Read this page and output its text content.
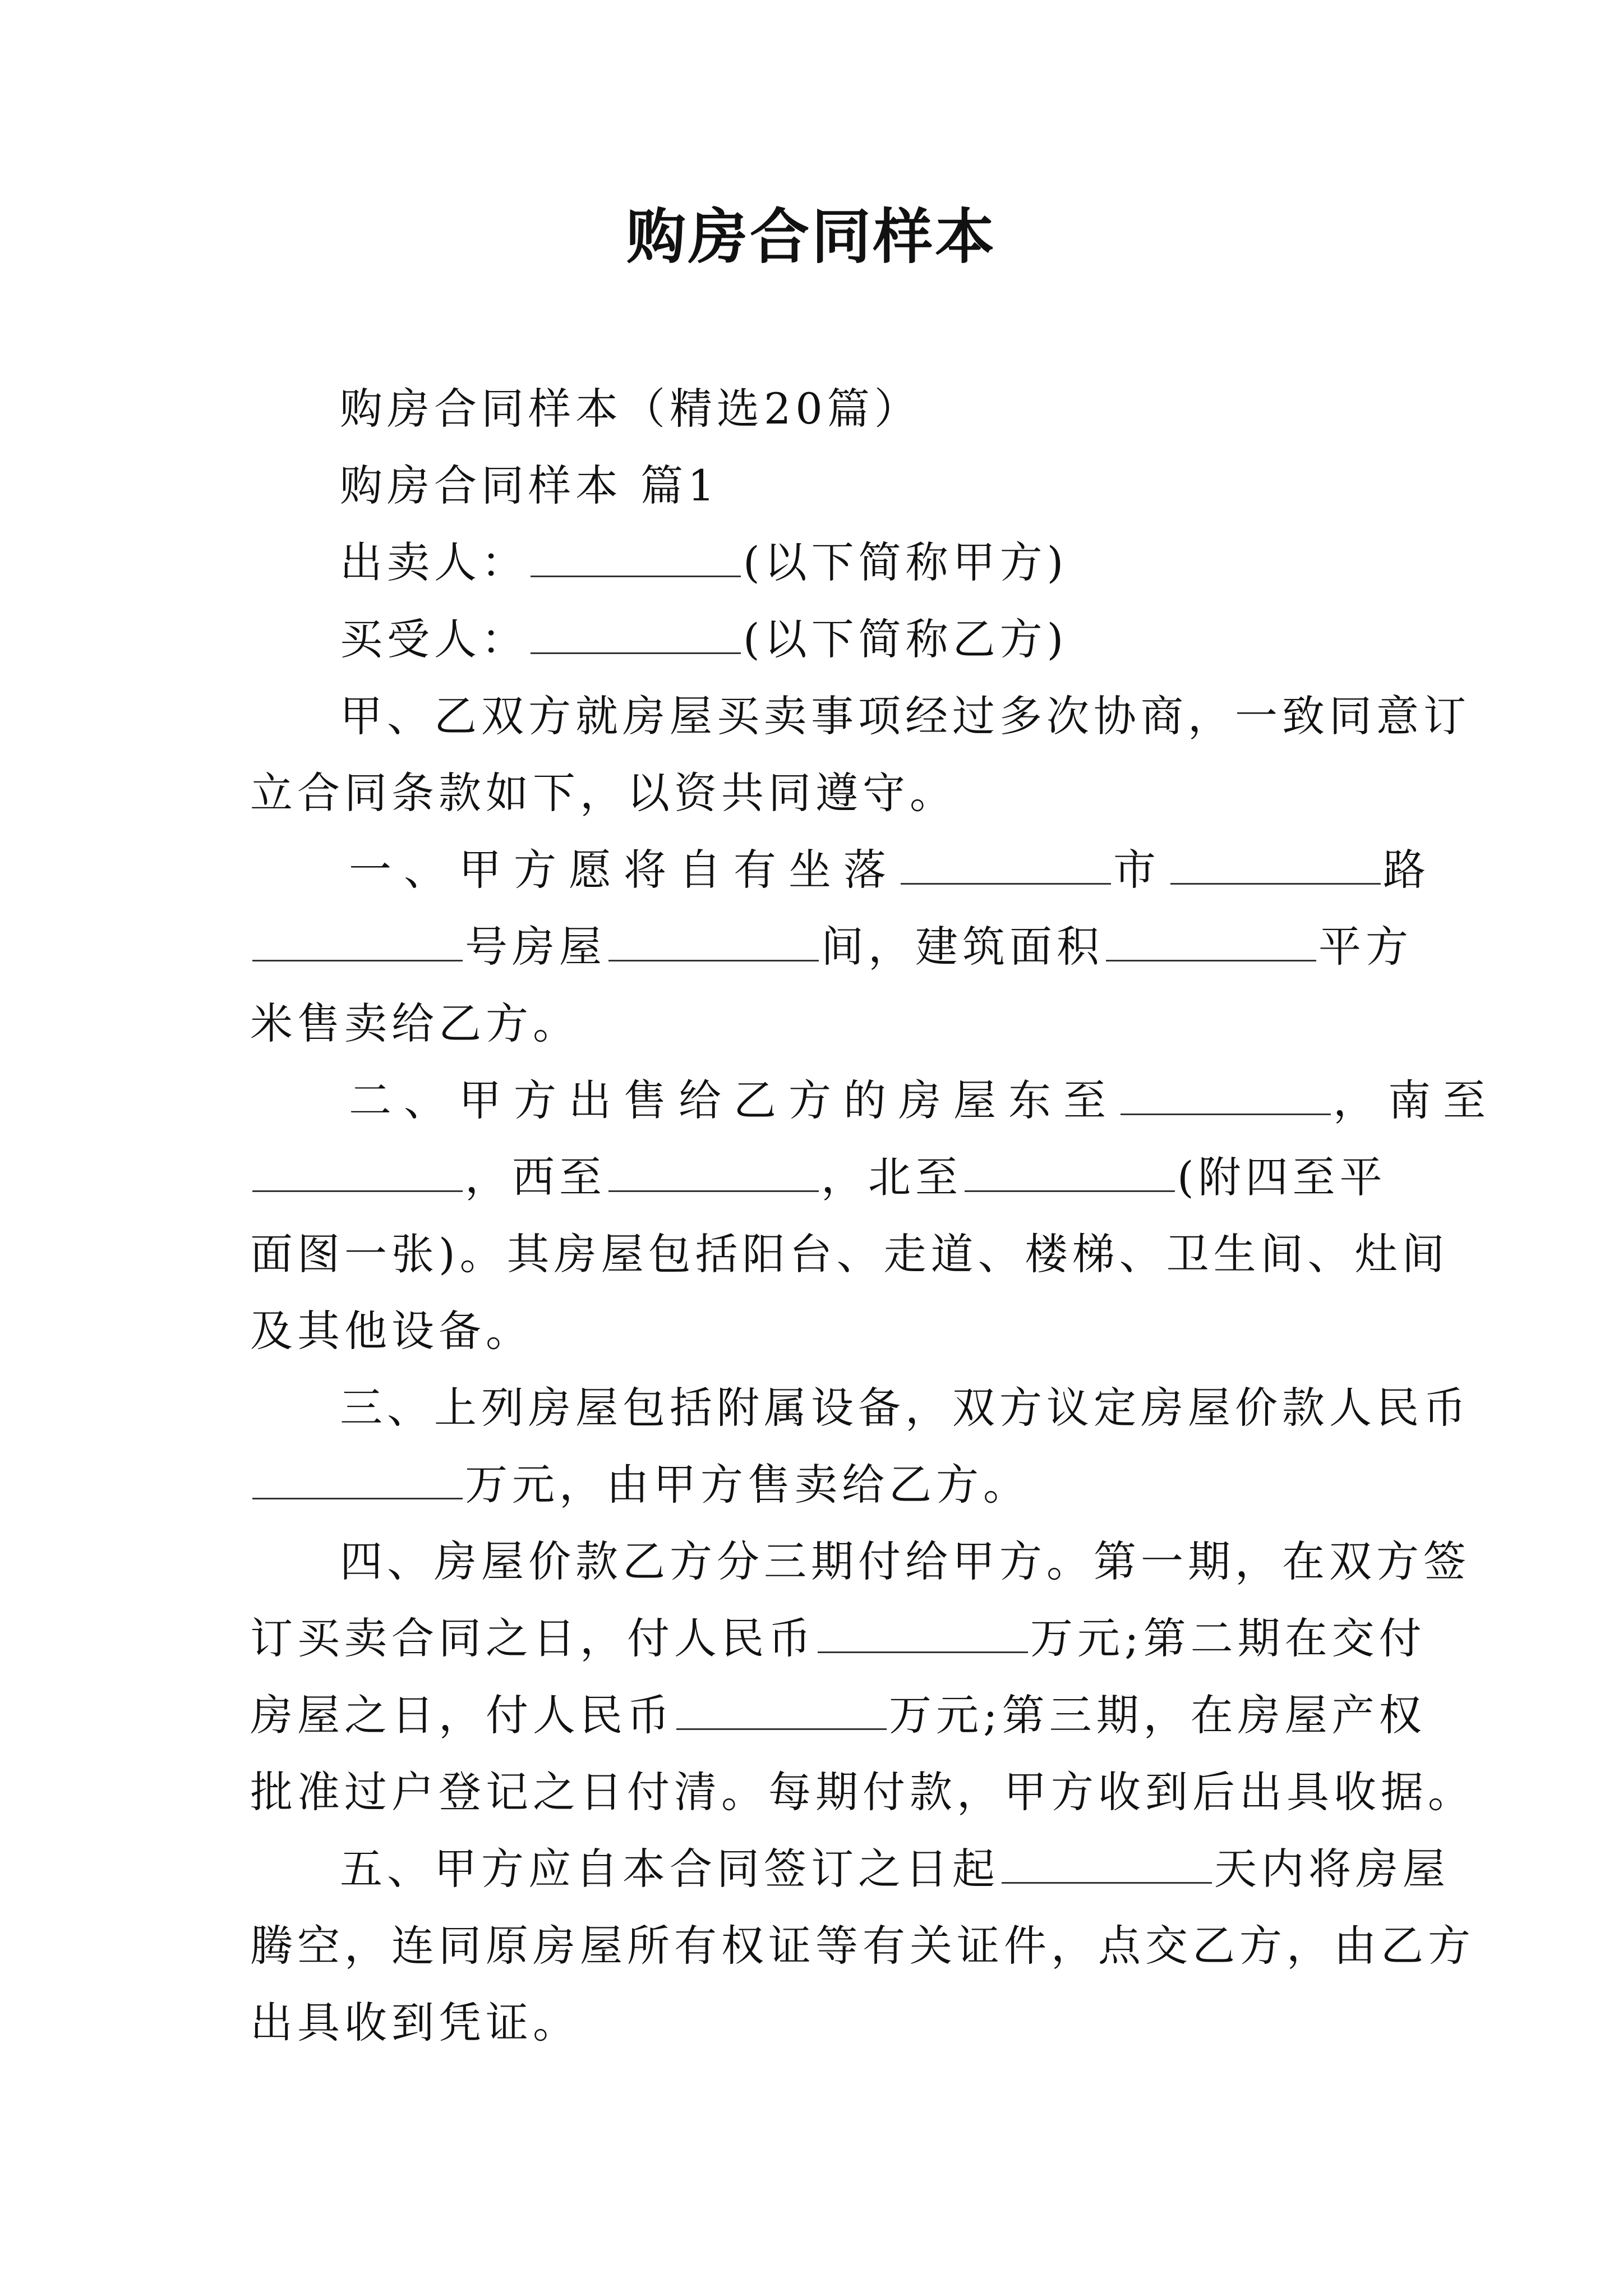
购房合同样本
购房合同样本（精选20篇）
购房合同样本 篇1
出卖人：	(以下简称甲方)
买受人：	(以下简称乙方)
甲、乙双方就房屋买卖事项经过多次协商，一致同意订
立合同条款如下，以资共同遵守。
一、甲方愿将自有坐落	市	路
号房屋	间，建筑面积	平方
米售卖给乙方。
二、甲方出售给乙方的房屋东至	，南至
，西至	，北至	(附四至平
面图一张)。其房屋包括阳台、走道、楼梯、卫生间、灶间
及其他设备。
三、上列房屋包括附属设备，双方议定房屋价款人民币
万元，由甲方售卖给乙方。
四、房屋价款乙方分三期付给甲方。第一期，在双方签
订买卖合同之日，付人民币	万元;第二期在交付
房屋之日，付人民币	万元;第三期，在房屋产权
批准过户登记之日付清。每期付款，甲方收到后出具收据。
五、甲方应自本合同签订之日起	天内将房屋
腾空，连同原房屋所有权证等有关证件，点交乙方，由乙方
出具收到凭证。
